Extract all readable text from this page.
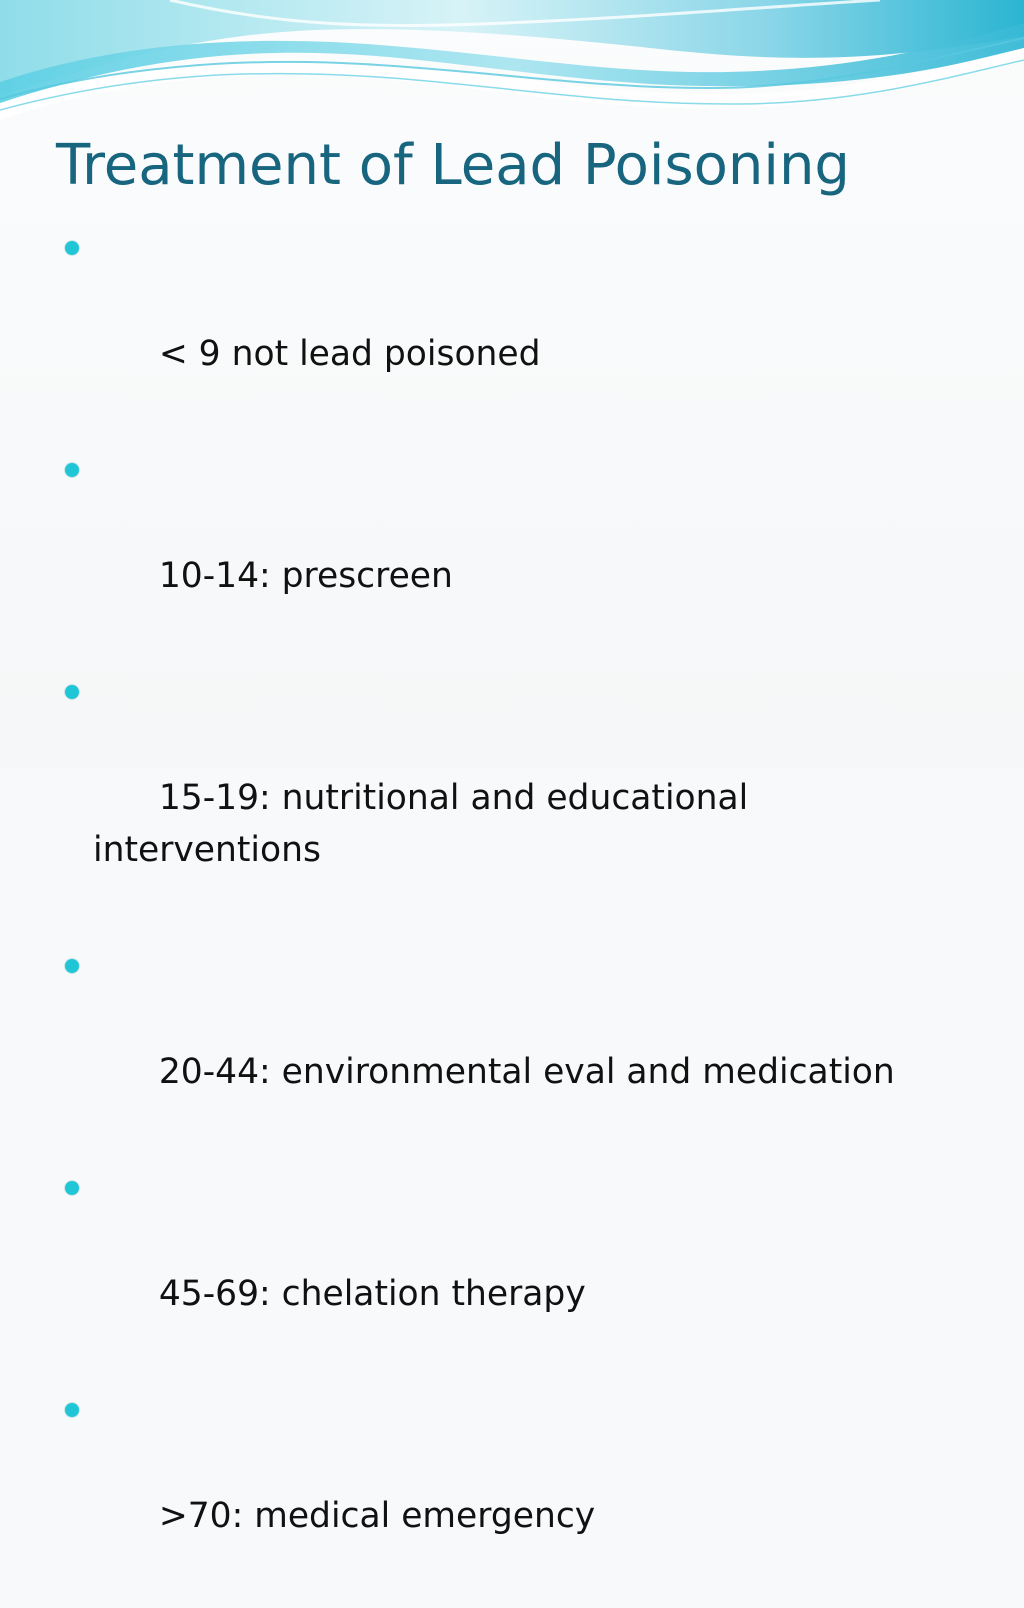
Treatment of Lead Poisoning

< 9 not lead poisoned

10-14: prescreen

15-19: nutritional and educational
interventions

20-44: environmental eval and medication

45-69: chelation therapy

>70: medical emergency
